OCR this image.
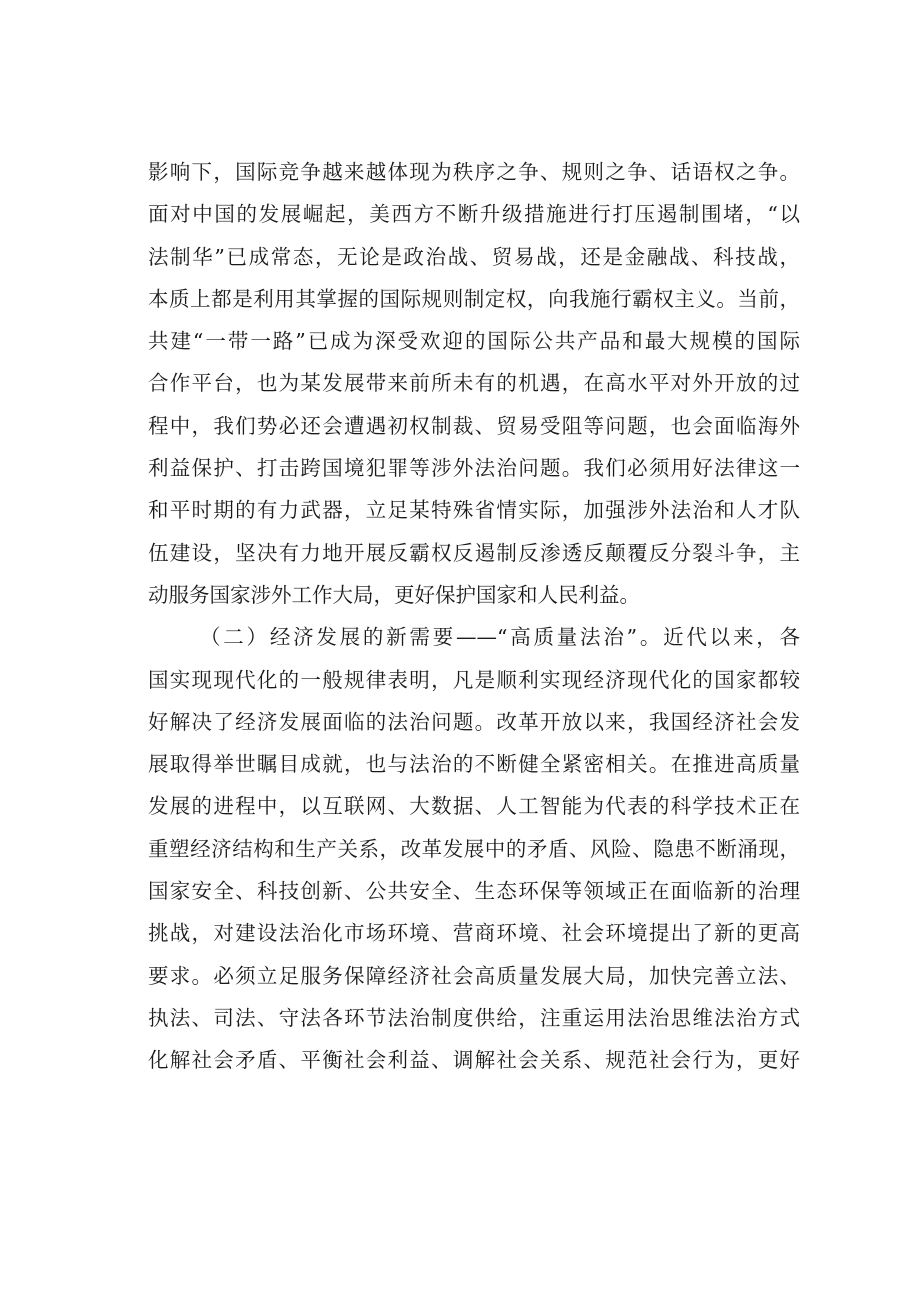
影响下，国际竞争越来越体现为秩序之争、规则之争、话语权之争。
面对中国的发展崛起，美西方不断升级措施进行打压遏制围堵，“以
法制华”已成常态，无论是政治战、贸易战，还是金融战、科技战，
本质上都是利用其掌握的国际规则制定权，向我施行霸权主义。当前，
共建“一带一路”已成为深受欢迎的国际公共产品和最大规模的国际
合作平台，也为某发展带来前所未有的机遇，在高水平对外开放的过
程中，我们势必还会遭遇初权制裁、贸易受阻等问题，也会面临海外
利益保护、打击跨国境犯罪等涉外法治问题。我们必须用好法律这一
和平时期的有力武器，立足某特殊省情实际，加强涉外法治和人才队
伍建设，坚决有力地开展反霸权反遏制反渗透反颠覆反分裂斗争，主
动服务国家涉外工作大局，更好保护国家和人民利益。
（二）经济发展的新需要——“高质量法治”。近代以来，各
国实现现代化的一般规律表明，凡是顺利实现经济现代化的国家都较
好解决了经济发展面临的法治问题。改革开放以来，我国经济社会发
展取得举世瞩目成就，也与法治的不断健全紧密相关。在推进高质量
发展的进程中，以互联网、大数据、人工智能为代表的科学技术正在
重塑经济结构和生产关系，改革发展中的矛盾、风险、隐患不断涌现，
国家安全、科技创新、公共安全、生态环保等领域正在面临新的治理
挑战，对建设法治化市场环境、营商环境、社会环境提出了新的更高
要求。必须立足服务保障经济社会高质量发展大局，加快完善立法、
执法、司法、守法各环节法治制度供给，注重运用法治思维法治方式
化解社会矛盾、平衡社会利益、调解社会关系、规范社会行为，更好
